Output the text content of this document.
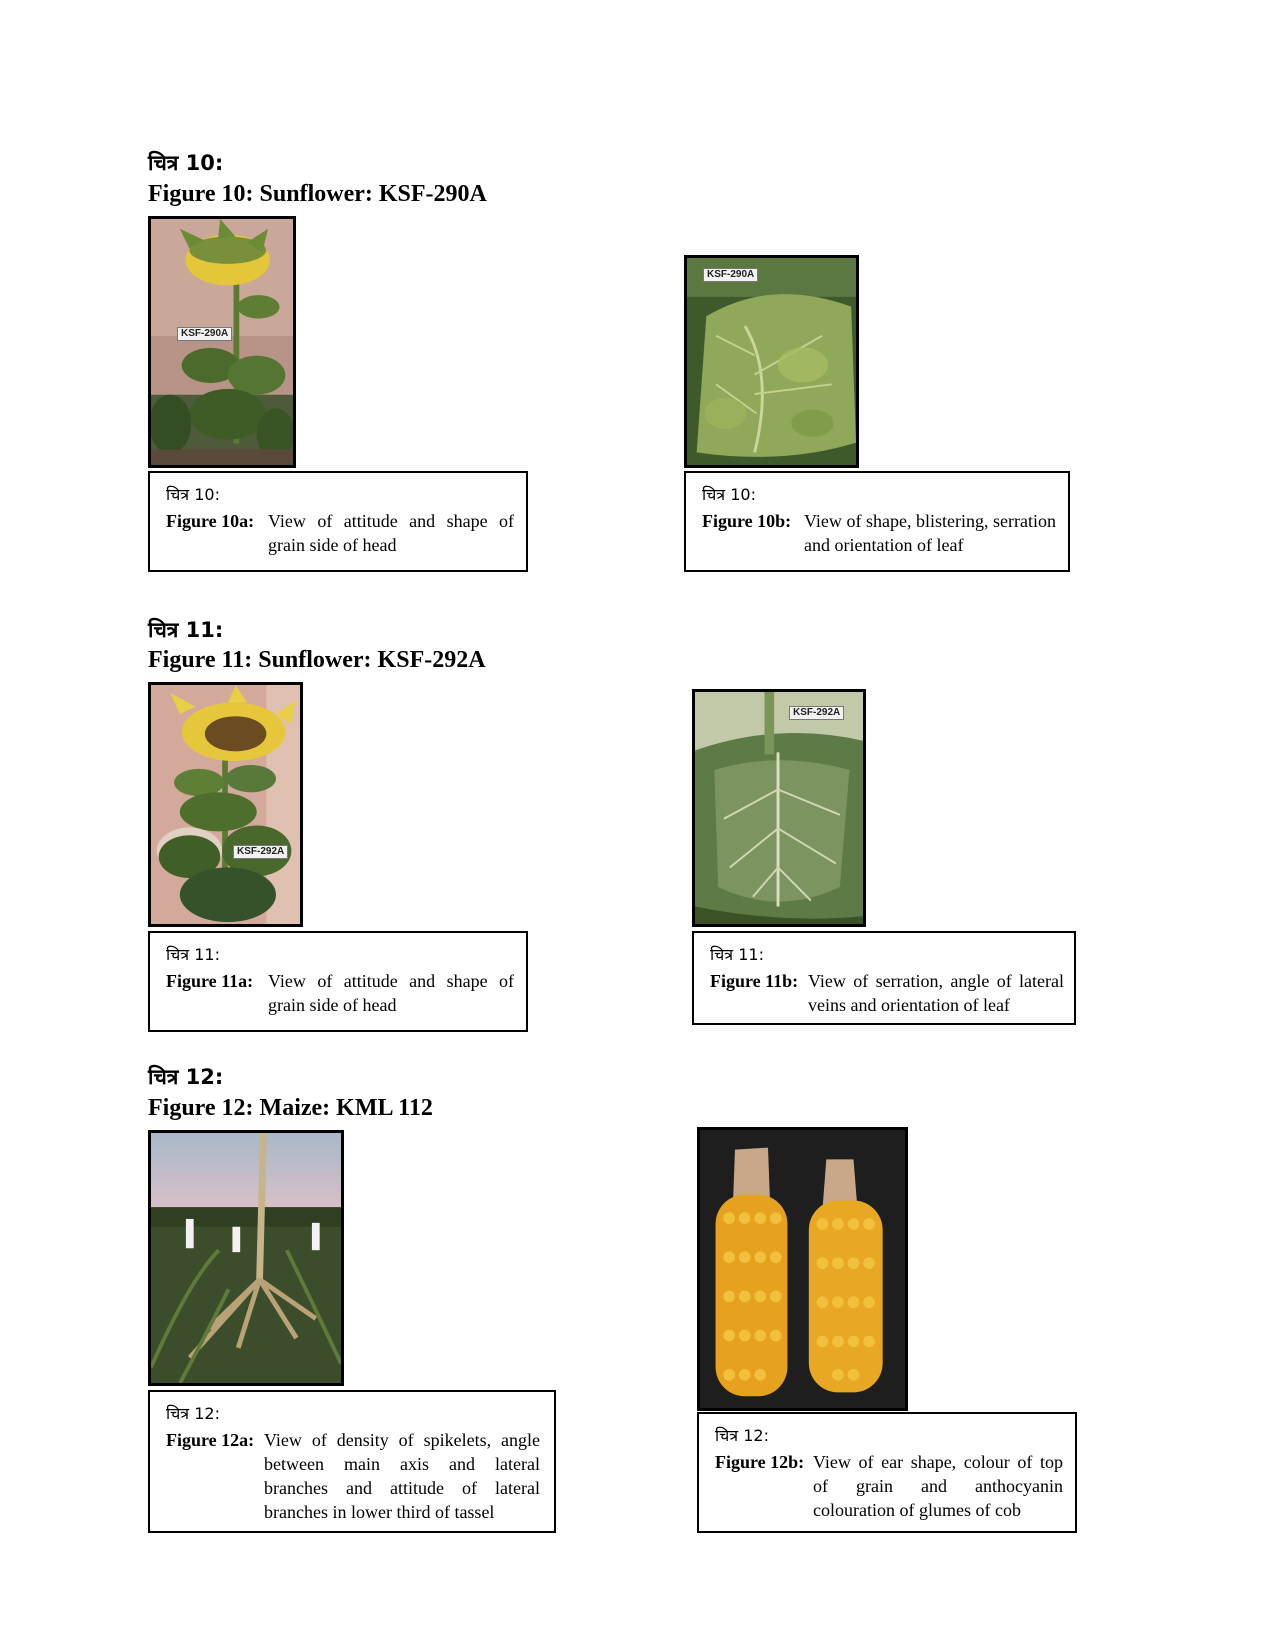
चित्र 10:
Figure 10: Sunflower: KSF-290A
KSF-290A
KSF-290A
चित्र 10:
Figure 10a: View of attitude and shape of grain side of head
चित्र 10:
Figure 10b: View of shape, blistering, serration and orientation of leaf
चित्र 11:
Figure 11: Sunflower: KSF-292A
KSF-292A
KSF-292A
चित्र 11:
Figure 11a: View of attitude and shape of grain side of head
चित्र 11:
Figure 11b: View of serration, angle of lateral veins and orientation of leaf
चित्र 12:
Figure 12: Maize: KML 112
चित्र 12:
Figure 12a: View of density of spikelets, angle between main axis and lateral branches and attitude of lateral branches in lower third of tassel
चित्र 12:
Figure 12b: View of ear shape, colour of top of grain and anthocyanin colouration of glumes of cob
